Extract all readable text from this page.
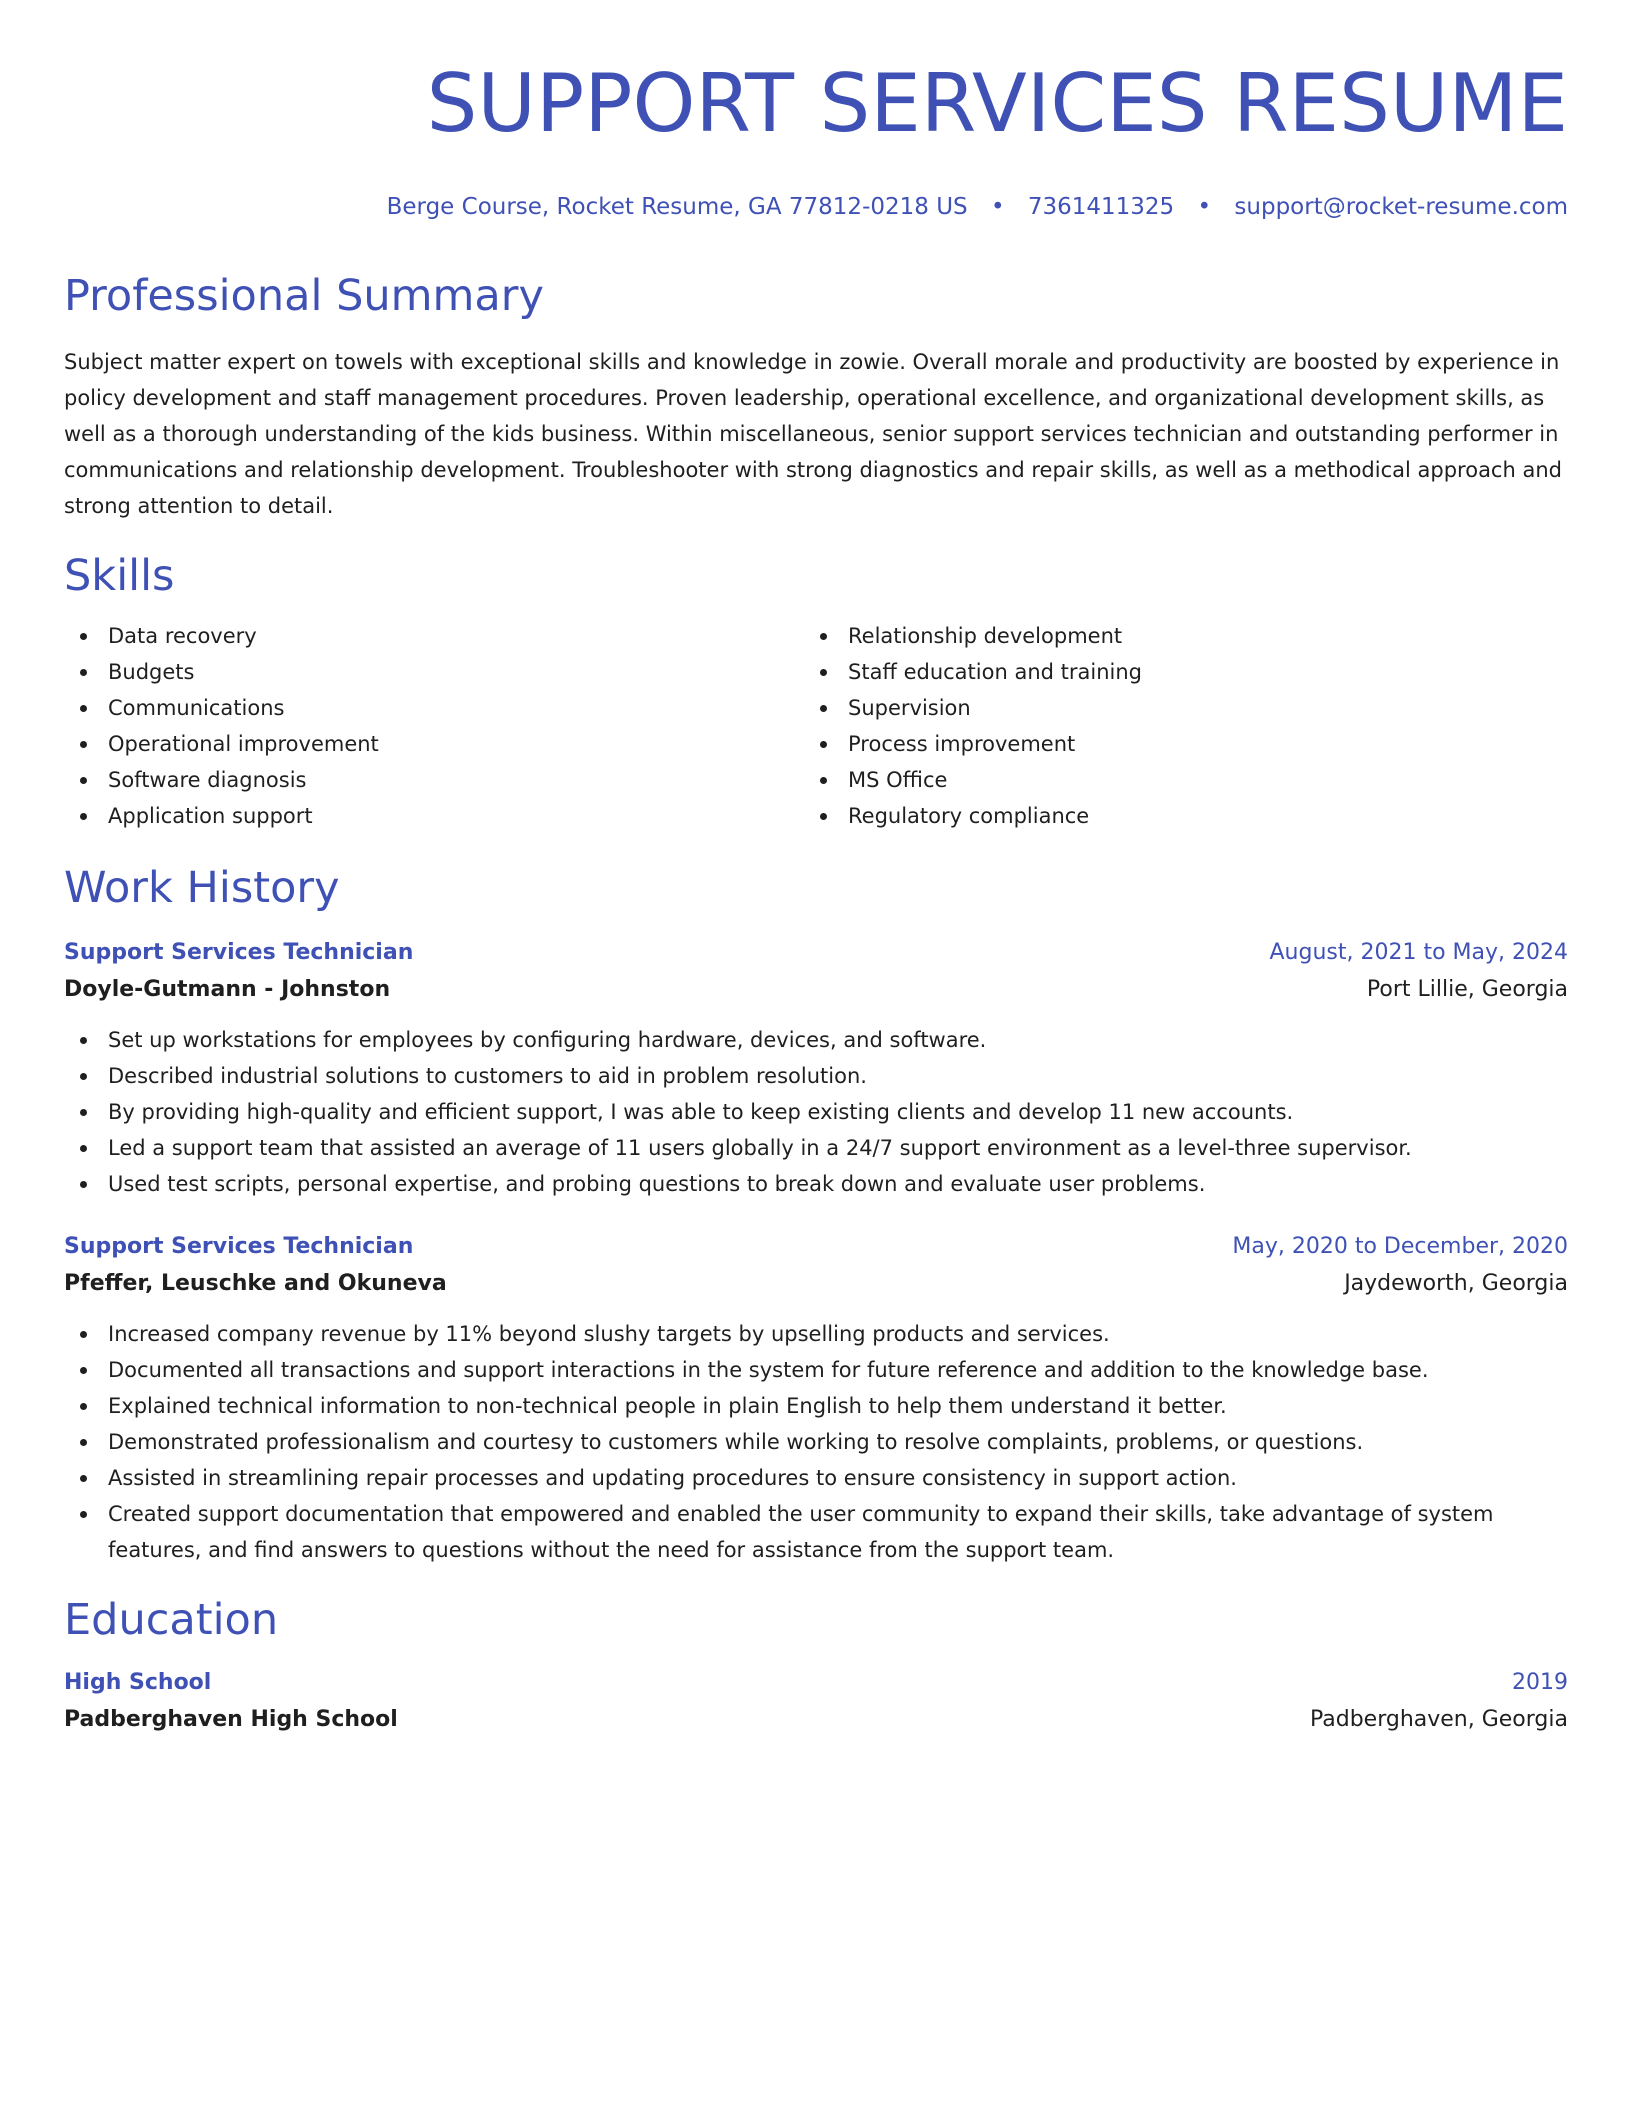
SUPPORT SERVICES RESUME
Berge Course, Rocket Resume, GA 77812-0218 US • 7361411325 • support@rocket-resume.com
Professional Summary

Subject matter expert on towels with exceptional skills and knowledge in zowie. Overall morale and productivity are boosted by experience in policy development and staff management procedures. Proven leadership, operational excellence, and organizational development skills, as well as a thorough understanding of the kids business. Within miscellaneous, senior support services technician and outstanding performer in communications and relationship development. Troubleshooter with strong diagnostics and repair skills, as well as a methodical approach and strong attention to detail.

Skills
Data recovery
Budgets
Communications
Operational improvement
Software diagnosis
Application support
Relationship development
Staff education and training
Supervision
Process improvement
MS Office
Regulatory compliance
Work History
Support Services Technician	August, 2021 to May, 2024
Doyle-Gutmann - Johnston	Port Lillie, Georgia
Set up workstations for employees by configuring hardware, devices, and software.
Described industrial solutions to customers to aid in problem resolution.
By providing high-quality and efficient support, I was able to keep existing clients and develop 11 new accounts.
Led a support team that assisted an average of 11 users globally in a 24/7 support environment as a level-three supervisor.
Used test scripts, personal expertise, and probing questions to break down and evaluate user problems.
Support Services Technician	May, 2020 to December, 2020
Pfeffer, Leuschke and Okuneva	Jaydeworth, Georgia
Increased company revenue by 11% beyond slushy targets by upselling products and services.
Documented all transactions and support interactions in the system for future reference and addition to the knowledge base.
Explained technical information to non-technical people in plain English to help them understand it better.
Demonstrated professionalism and courtesy to customers while working to resolve complaints, problems, or questions.
Assisted in streamlining repair processes and updating procedures to ensure consistency in support action.
Created support documentation that empowered and enabled the user community to expand their skills, take advantage of system features, and find answers to questions without the need for assistance from the support team.
Education
High School	2019
Padberghaven High School	Padberghaven, Georgia
